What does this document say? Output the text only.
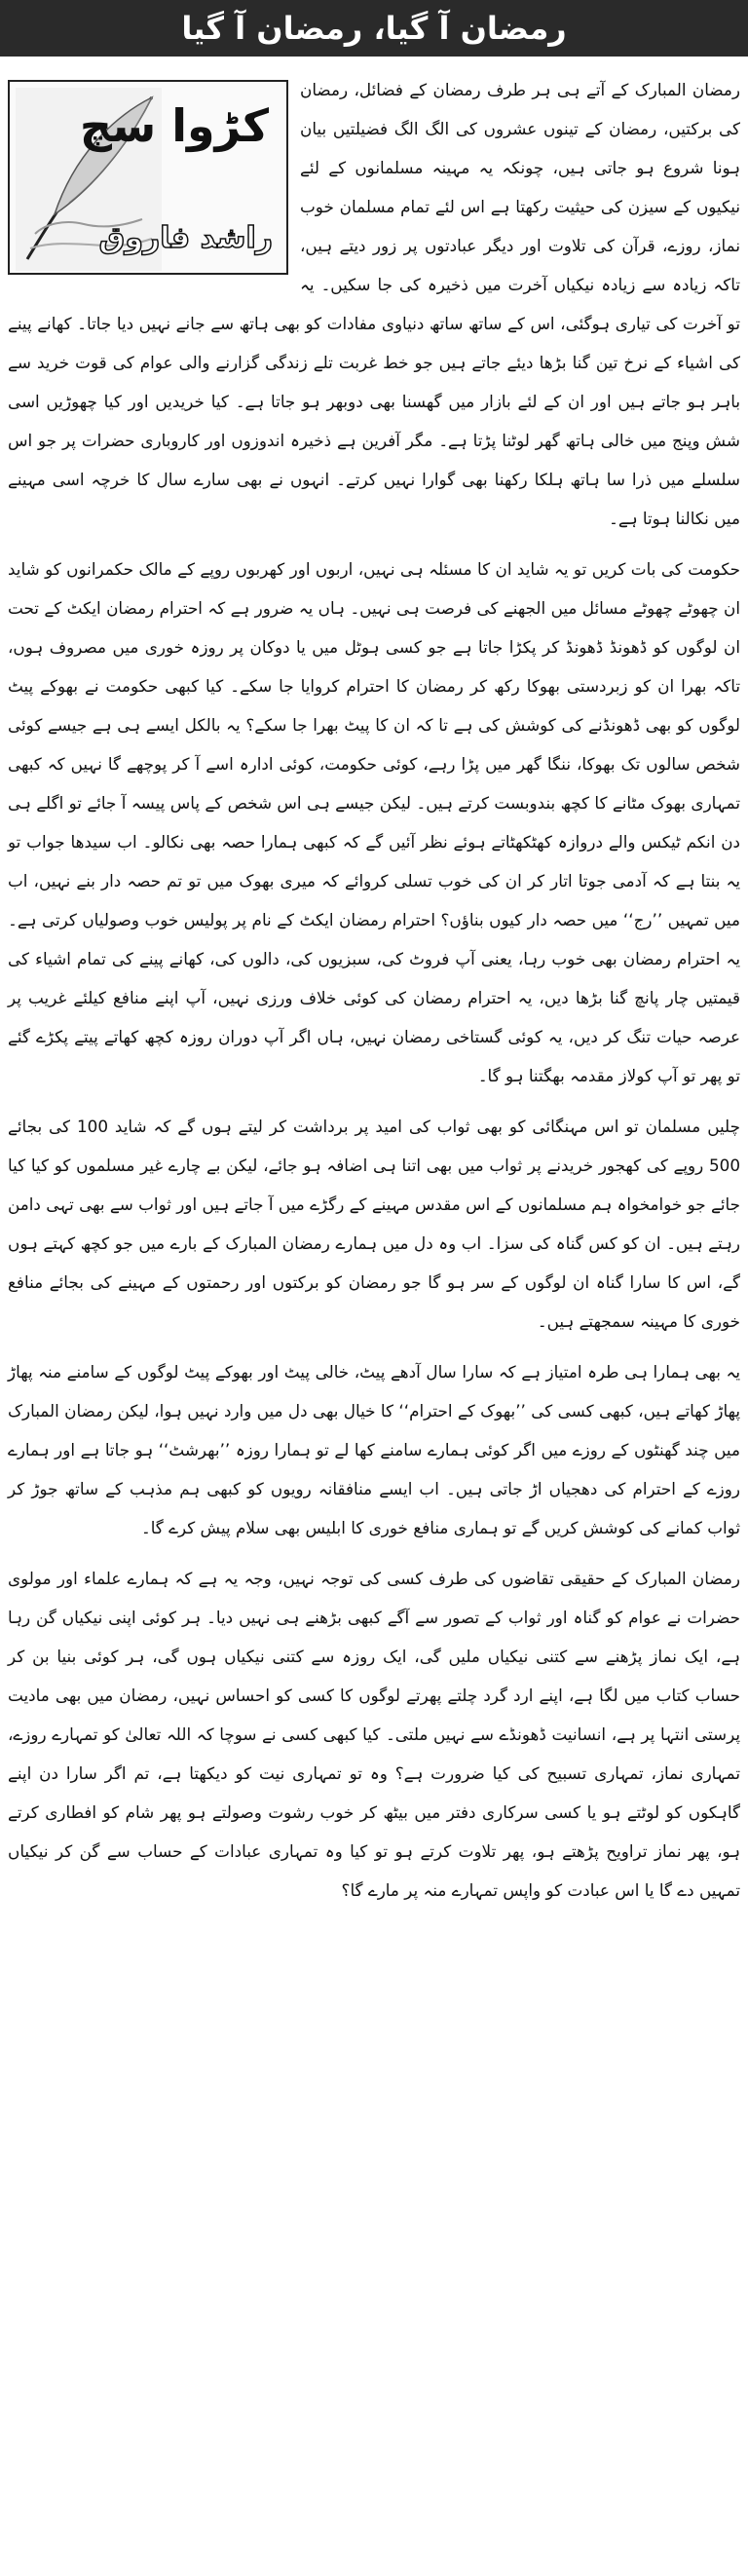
رمضان آ گیا، رمضان آ گیا
کڑوا سچ
راشد فاروق

رمضان المبارک کے آتے ہی ہر طرف رمضان کے فضائل، رمضان کی برکتیں، رمضان کے تینوں عشروں کی الگ الگ فضیلتیں بیان ہونا شروع ہو جاتی ہیں، چونکہ یہ مہینہ مسلمانوں کے لئے نیکیوں کے سیزن کی حیثیت رکھتا ہے اس لئے تمام مسلمان خوب نماز، روزے، قرآن کی تلاوت اور دیگر عبادتوں پر زور دیتے ہیں، تاکہ زیادہ سے زیادہ نیکیاں آخرت میں ذخیرہ کی جا سکیں۔ یہ تو آخرت کی تیاری ہوگئی، اس کے ساتھ ساتھ دنیاوی مفادات کو بھی ہاتھ سے جانے نہیں دیا جاتا۔ کھانے پینے کی اشیاء کے نرخ تین گنا بڑھا دیئے جاتے ہیں جو خط غربت تلے زندگی گزارنے والی عوام کی قوت خرید سے باہر ہو جاتے ہیں اور ان کے لئے بازار میں گھسنا بھی دوبھر ہو جاتا ہے۔ کیا خریدیں اور کیا چھوڑیں اسی شش وپنج میں خالی ہاتھ گھر لوٹنا پڑتا ہے۔ مگر آفرین ہے ذخیرہ اندوزوں اور کاروباری حضرات پر جو اس سلسلے میں ذرا سا ہاتھ ہلکا رکھنا بھی گوارا نہیں کرتے۔ انہوں نے بھی سارے سال کا خرچہ اسی مہینے میں نکالنا ہوتا ہے۔

حکومت کی بات کریں تو یہ شاید ان کا مسئلہ ہی نہیں، اربوں اور کھربوں روپے کے مالک حکمرانوں کو شاید ان چھوٹے چھوٹے مسائل میں الجھنے کی فرصت ہی نہیں۔ ہاں یہ ضرور ہے کہ احترام رمضان ایکٹ کے تحت ان لوگوں کو ڈھونڈ ڈھونڈ کر پکڑا جاتا ہے جو کسی ہوٹل میں یا دوکان پر روزہ خوری میں مصروف ہوں، تاکہ بھرا ان کو زبردستی بھوکا رکھ کر رمضان کا احترام کروایا جا سکے۔ کیا کبھی حکومت نے بھوکے پیٹ لوگوں کو بھی ڈھونڈنے کی کوشش کی ہے تا کہ ان کا پیٹ بھرا جا سکے؟ یہ بالکل ایسے ہی ہے جیسے کوئی شخص سالوں تک بھوکا، ننگا گھر میں پڑا رہے، کوئی حکومت، کوئی ادارہ اسے آ کر پوچھے گا نہیں کہ کبھی تمہاری بھوک مٹانے کا کچھ بندوبست کرتے ہیں۔ لیکن جیسے ہی اس شخص کے پاس پیسہ آ جائے تو اگلے ہی دن انکم ٹیکس والے دروازہ کھٹکھٹاتے ہوئے نظر آئیں گے کہ کبھی ہمارا حصہ بھی نکالو۔ اب سیدھا جواب تو یہ بنتا ہے کہ آدمی جوتا اتار کر ان کی خوب تسلی کروائے کہ میری بھوک میں تو تم حصہ دار بنے نہیں، اب میں تمہیں ’’رج‘‘ میں حصہ دار کیوں بناؤں؟ احترام رمضان ایکٹ کے نام پر پولیس خوب وصولیاں کرتی ہے۔ یہ احترام رمضان بھی خوب رہا، یعنی آپ فروٹ کی، سبزیوں کی، دالوں کی، کھانے پینے کی تمام اشیاء کی قیمتیں چار پانچ گنا بڑھا دیں، یہ احترام رمضان کی کوئی خلاف ورزی نہیں، آپ اپنے منافع کیلئے غریب پر عرصہ حیات تنگ کر دیں، یہ کوئی گستاخی رمضان نہیں، ہاں اگر آپ دوران روزہ کچھ کھاتے پیتے پکڑے گئے تو پھر تو آپ کولاز مقدمہ بھگتنا ہو گا۔

چلیں مسلمان تو اس مہنگائی کو بھی ثواب کی امید پر برداشت کر لیتے ہوں گے کہ شاید 100 کی بجائے 500 روپے کی کھجور خریدنے پر ثواب میں بھی اتنا ہی اضافہ ہو جائے، لیکن بے چارے غیر مسلموں کو کیا کیا جائے جو خوامخواہ ہم مسلمانوں کے اس مقدس مہینے کے رگڑے میں آ جاتے ہیں اور ثواب سے بھی تہی دامن رہتے ہیں۔ ان کو کس گناہ کی سزا۔ اب وہ دل میں ہمارے رمضان المبارک کے بارے میں جو کچھ کہتے ہوں گے، اس کا سارا گناہ ان لوگوں کے سر ہو گا جو رمضان کو برکتوں اور رحمتوں کے مہینے کی بجائے منافع خوری کا مہینہ سمجھتے ہیں۔

یہ بھی ہمارا ہی طرہ امتیاز ہے کہ سارا سال آدھے پیٹ، خالی پیٹ اور بھوکے پیٹ لوگوں کے سامنے منہ پھاڑ پھاڑ کھاتے ہیں، کبھی کسی کی ’’بھوک کے احترام‘‘ کا خیال بھی دل میں وارد نہیں ہوا، لیکن رمضان المبارک میں چند گھنٹوں کے روزے میں اگر کوئی ہمارے سامنے کھا لے تو ہمارا روزہ ’’بھرشٹ‘‘ ہو جاتا ہے اور ہمارے روزے کے احترام کی دھجیاں اڑ جاتی ہیں۔ اب ایسے منافقانہ رویوں کو کبھی ہم مذہب کے ساتھ جوڑ کر ثواب کمانے کی کوشش کریں گے تو ہماری منافع خوری کا ابلیس بھی سلام پیش کرے گا۔

رمضان المبارک کے حقیقی تقاضوں کی طرف کسی کی توجہ نہیں، وجہ یہ ہے کہ ہمارے علماء اور مولوی حضرات نے عوام کو گناہ اور ثواب کے تصور سے آگے کبھی بڑھنے ہی نہیں دیا۔ ہر کوئی اپنی نیکیاں گن رہا ہے، ایک نماز پڑھنے سے کتنی نیکیاں ملیں گی، ایک روزہ سے کتنی نیکیاں ہوں گی، ہر کوئی بنیا بن کر حساب کتاب میں لگا ہے، اپنے ارد گرد چلتے پھرتے لوگوں کا کسی کو احساس نہیں، رمضان میں بھی مادیت پرستی انتہا پر ہے، انسانیت ڈھونڈے سے نہیں ملتی۔ کیا کبھی کسی نے سوچا کہ اللہ تعالیٰ کو تمہارے روزے، تمہاری نماز، تمہاری تسبیح کی کیا ضرورت ہے؟ وہ تو تمہاری نیت کو دیکھتا ہے، تم اگر سارا دن اپنے گاہکوں کو لوٹتے ہو یا کسی سرکاری دفتر میں بیٹھ کر خوب رشوت وصولتے ہو پھر شام کو افطاری کرتے ہو، پھر نماز تراویح پڑھتے ہو، پھر تلاوت کرتے ہو تو کیا وہ تمہاری عبادات کے حساب سے گن کر نیکیاں تمہیں دے گا یا اس عبادت کو واپس تمہارے منہ پر مارے گا؟
